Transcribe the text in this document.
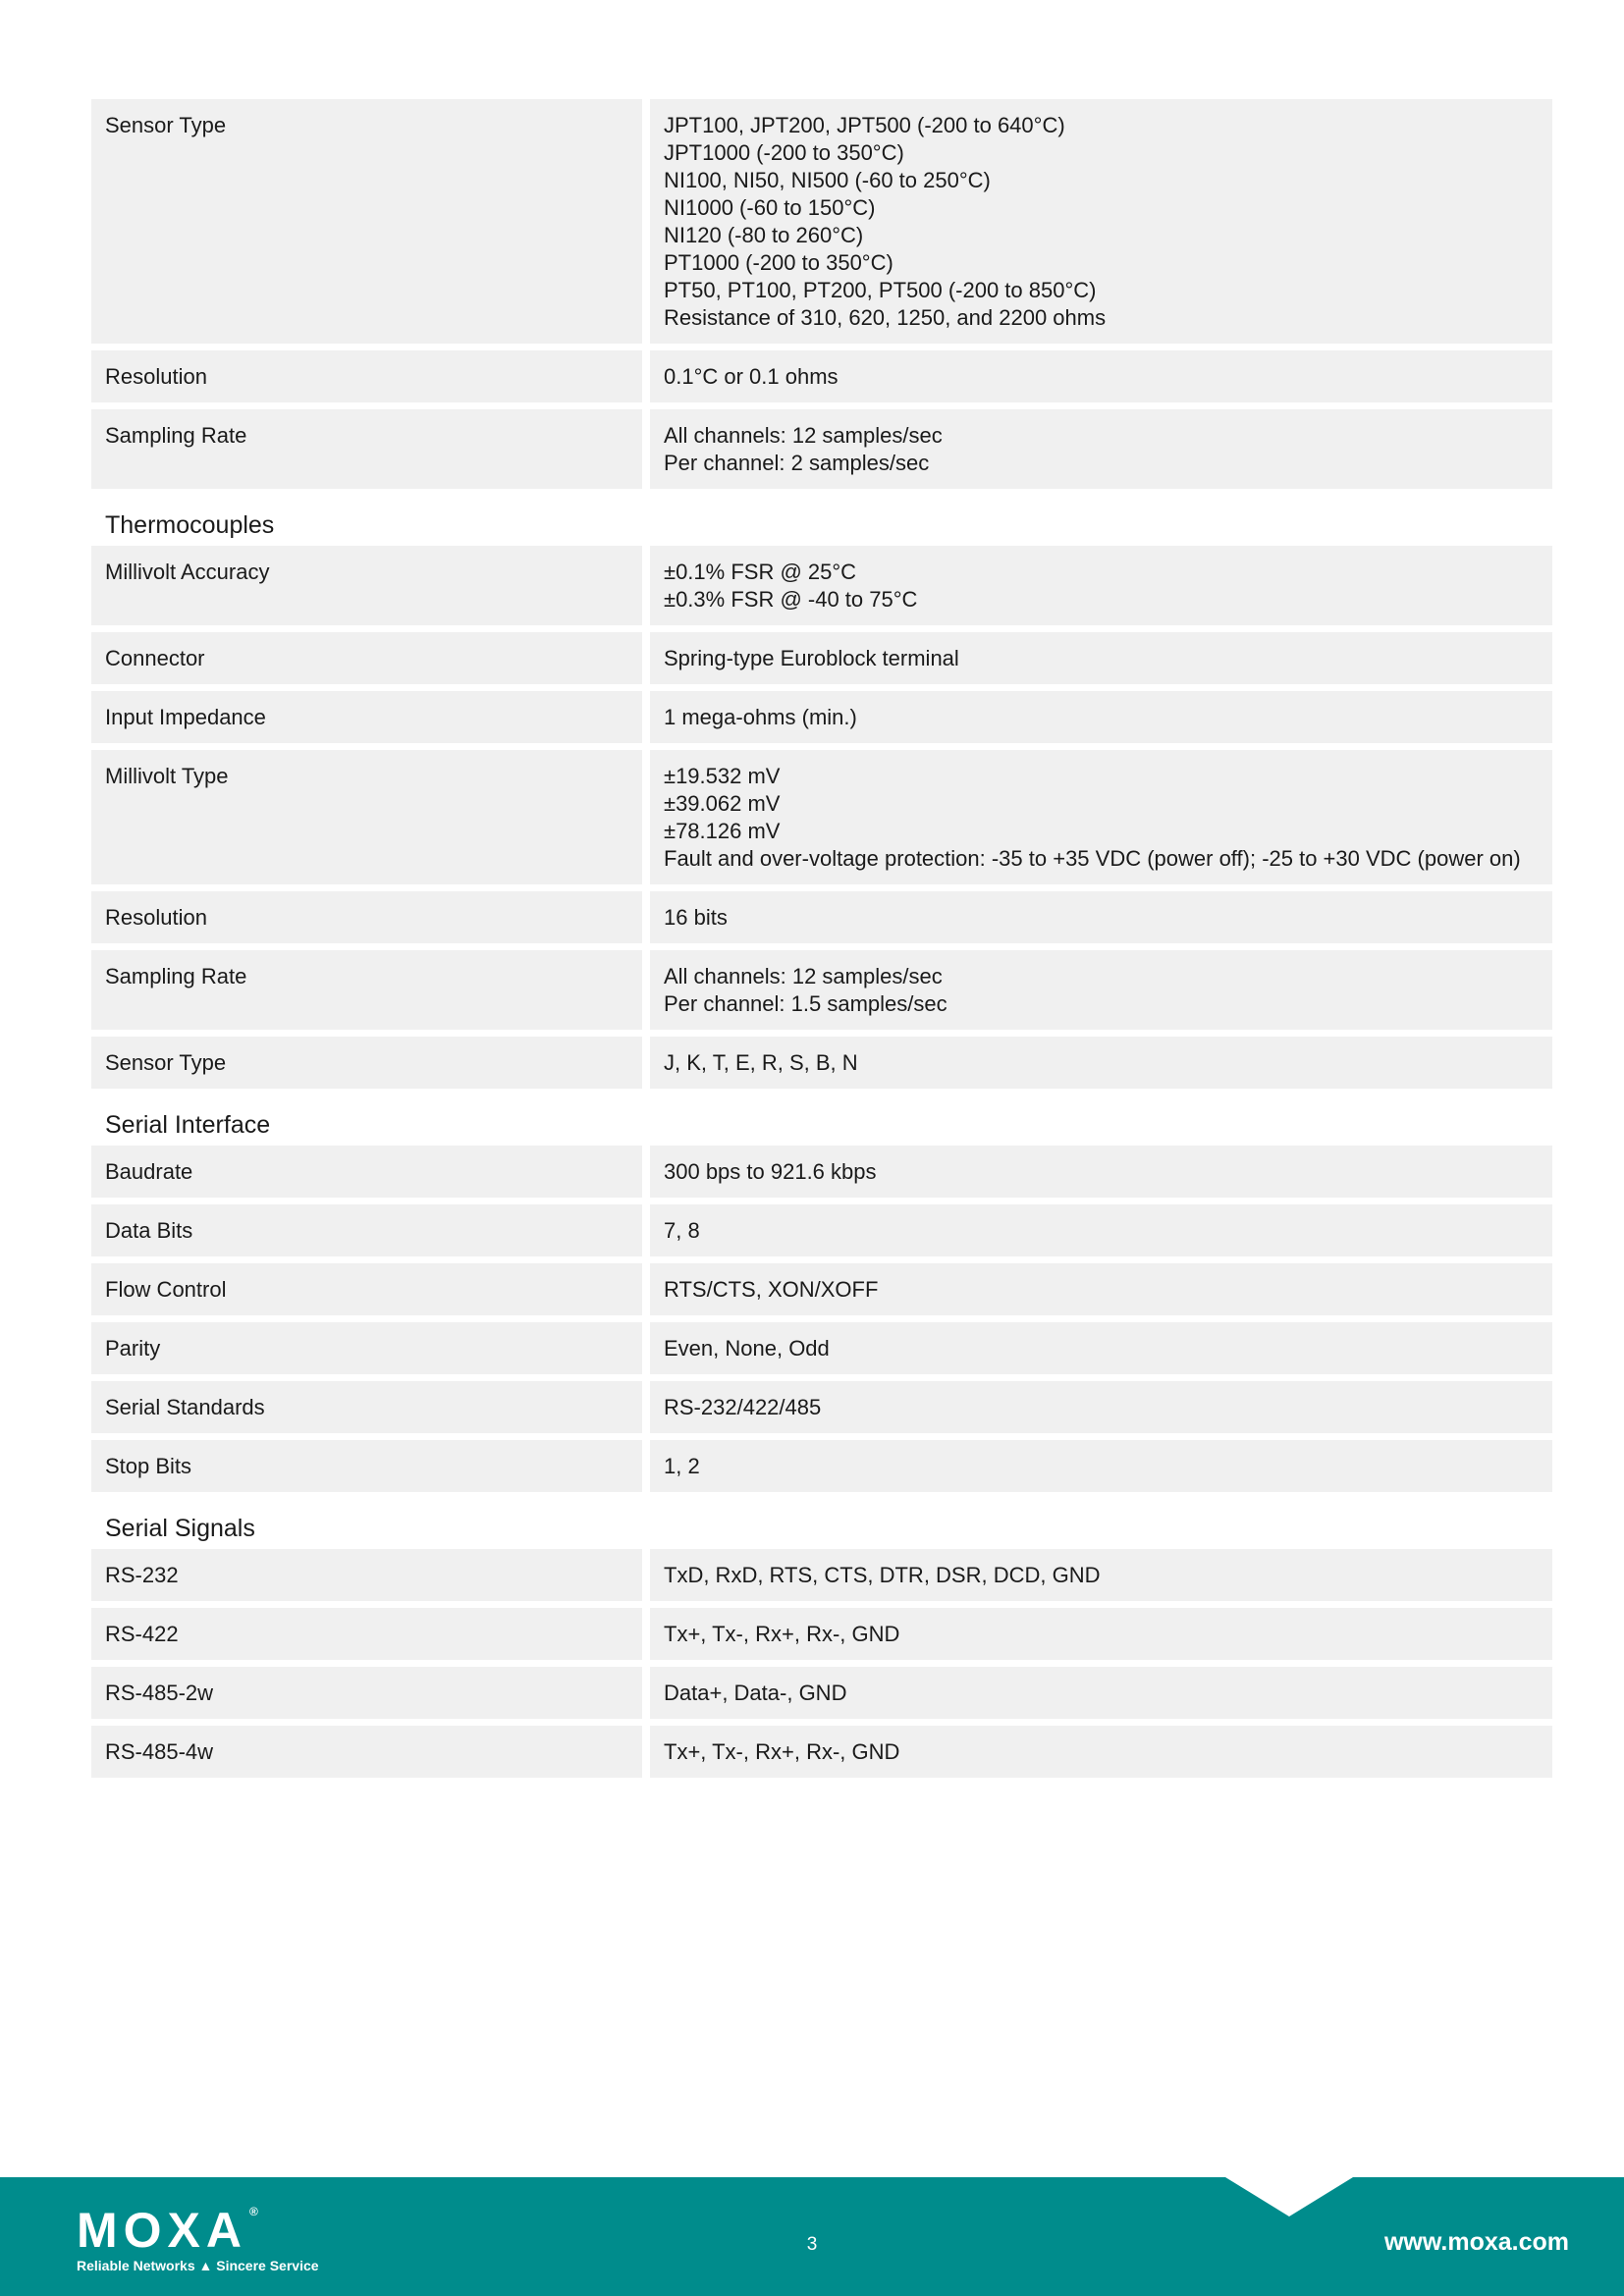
Sensor Type	JPT100, JPT200, JPT500 (-200 to 640°C)
JPT1000 (-200 to 350°C)
NI100, NI50, NI500 (-60 to 250°C)
NI1000 (-60 to 150°C)
NI120 (-80 to 260°C)
PT1000 (-200 to 350°C)
PT50, PT100, PT200, PT500 (-200 to 850°C)
Resistance of 310, 620, 1250, and 2200 ohms
Resolution	0.1°C or 0.1 ohms
Sampling Rate	All channels: 12 samples/sec
Per channel: 2 samples/sec
Thermocouples
Millivolt Accuracy	±0.1% FSR @ 25°C
±0.3% FSR @ -40 to 75°C
Connector	Spring-type Euroblock terminal
Input Impedance	1 mega-ohms (min.)
Millivolt Type	±19.532 mV
±39.062 mV
±78.126 mV
Fault and over-voltage protection: -35 to +35 VDC (power off); -25 to +30 VDC (power on)
Resolution	16 bits
Sampling Rate	All channels: 12 samples/sec
Per channel: 1.5 samples/sec
Sensor Type	J, K, T, E, R, S, B, N
Serial Interface
Baudrate	300 bps to 921.6 kbps
Data Bits	7, 8
Flow Control	RTS/CTS, XON/XOFF
Parity	Even, None, Odd
Serial Standards	RS-232/422/485
Stop Bits	1, 2
Serial Signals
RS-232	TxD, RxD, RTS, CTS, DTR, DSR, DCD, GND
RS-422	Tx+, Tx-, Rx+, Rx-, GND
RS-485-2w	Data+, Data-, GND
RS-485-4w	Tx+, Tx-, Rx+, Rx-, GND
MOXA ®
Reliable Networks ▲ Sincere Service
3	www.moxa.com
